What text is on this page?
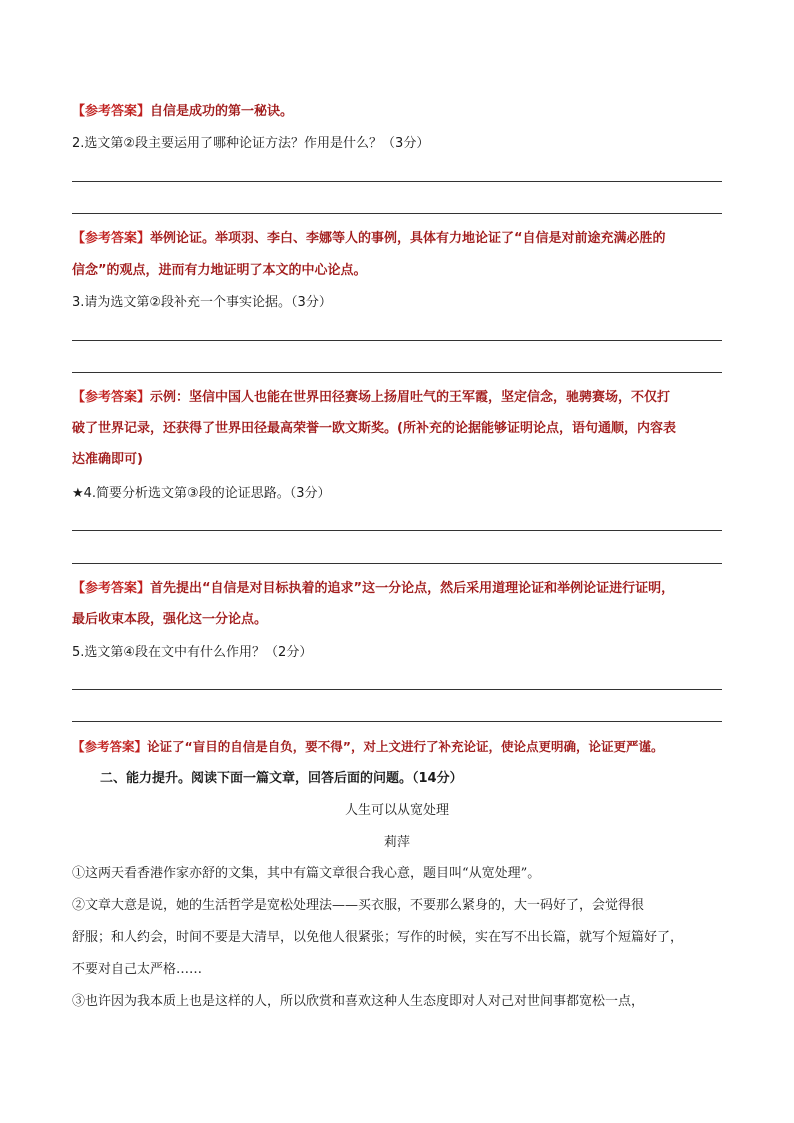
【参考答案】自信是成功的第一秘诀。
2.选文第②段主要运用了哪种论证方法？作用是什么？（3分）
【参考答案】举例论证。举项羽、李白、李娜等人的事例，具体有力地论证了“自信是对前途充满必胜的
信念”的观点，进而有力地证明了本文的中心论点。
3.请为选文第②段补充一个事实论据。（3分）
【参考答案】示例：坚信中国人也能在世界田径赛场上扬眉吐气的王军霞，坚定信念，驰骋赛场，不仅打
破了世界记录，还获得了世界田径最高荣誉一欧文斯奖。(所补充的论据能够证明论点，语句通顺，内容表
达准确即可)
★4.简要分析选文第③段的论证思路。（3分）
【参考答案】首先提出“自信是对目标执着的追求”这一分论点，然后采用道理论证和举例论证进行证明，
最后收束本段，强化这一分论点。
5.选文第④段在文中有什么作用？（2分）
【参考答案】论证了“盲目的自信是自负，要不得”，对上文进行了补充论证，使论点更明确，论证更严谨。
二、能力提升。阅读下面一篇文章，回答后面的问题。（14分）
人生可以从宽处理
莉萍
①这两天看香港作家亦舒的文集，其中有篇文章很合我心意，题目叫“从宽处理”。
②文章大意是说，她的生活哲学是宽松处理法——买衣服，不要那么紧身的，大一码好了，会觉得很
舒服；和人约会，时间不要是大清早，以免他人很紧张；写作的时候，实在写不出长篇，就写个短篇好了，
不要对自己太严格……
③也许因为我本质上也是这样的人，所以欣赏和喜欢这种人生态度即对人对己对世间事都宽松一点，
